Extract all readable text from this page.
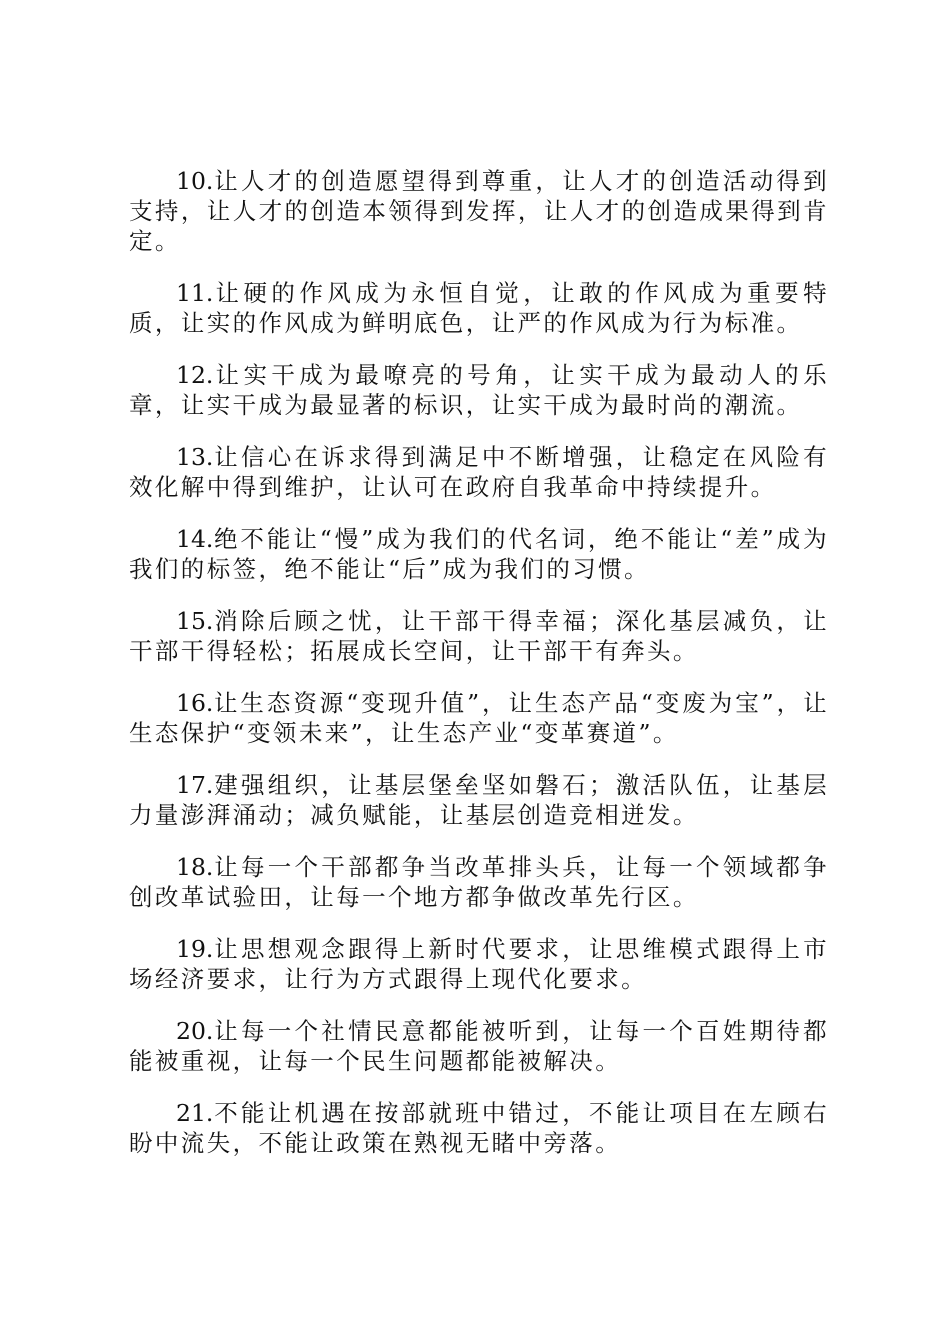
10.让人才的创造愿望得到尊重，让人才的创造活动得到支持，让人才的创造本领得到发挥，让人才的创造成果得到肯定。

11.让硬的作风成为永恒自觉，让敢的作风成为重要特质，让实的作风成为鲜明底色，让严的作风成为行为标准。

12.让实干成为最嘹亮的号角，让实干成为最动人的乐章，让实干成为最显著的标识，让实干成为最时尚的潮流。

13.让信心在诉求得到满足中不断增强，让稳定在风险有效化解中得到维护，让认可在政府自我革命中持续提升。

14.绝不能让“慢”成为我们的代名词，绝不能让“差”成为我们的标签，绝不能让“后”成为我们的习惯。

15.消除后顾之忧，让干部干得幸福；深化基层减负，让干部干得轻松；拓展成长空间，让干部干有奔头。

16.让生态资源“变现升值”，让生态产品“变废为宝”，让生态保护“变领未来”，让生态产业“变革赛道”。

17.建强组织，让基层堡垒坚如磐石；激活队伍，让基层力量澎湃涌动；减负赋能，让基层创造竞相迸发。

18.让每一个干部都争当改革排头兵，让每一个领域都争创改革试验田，让每一个地方都争做改革先行区。

19.让思想观念跟得上新时代要求，让思维模式跟得上市场经济要求，让行为方式跟得上现代化要求。

20.让每一个社情民意都能被听到，让每一个百姓期待都能被重视，让每一个民生问题都能被解决。

21.不能让机遇在按部就班中错过，不能让项目在左顾右盼中流失，不能让政策在熟视无睹中旁落。
